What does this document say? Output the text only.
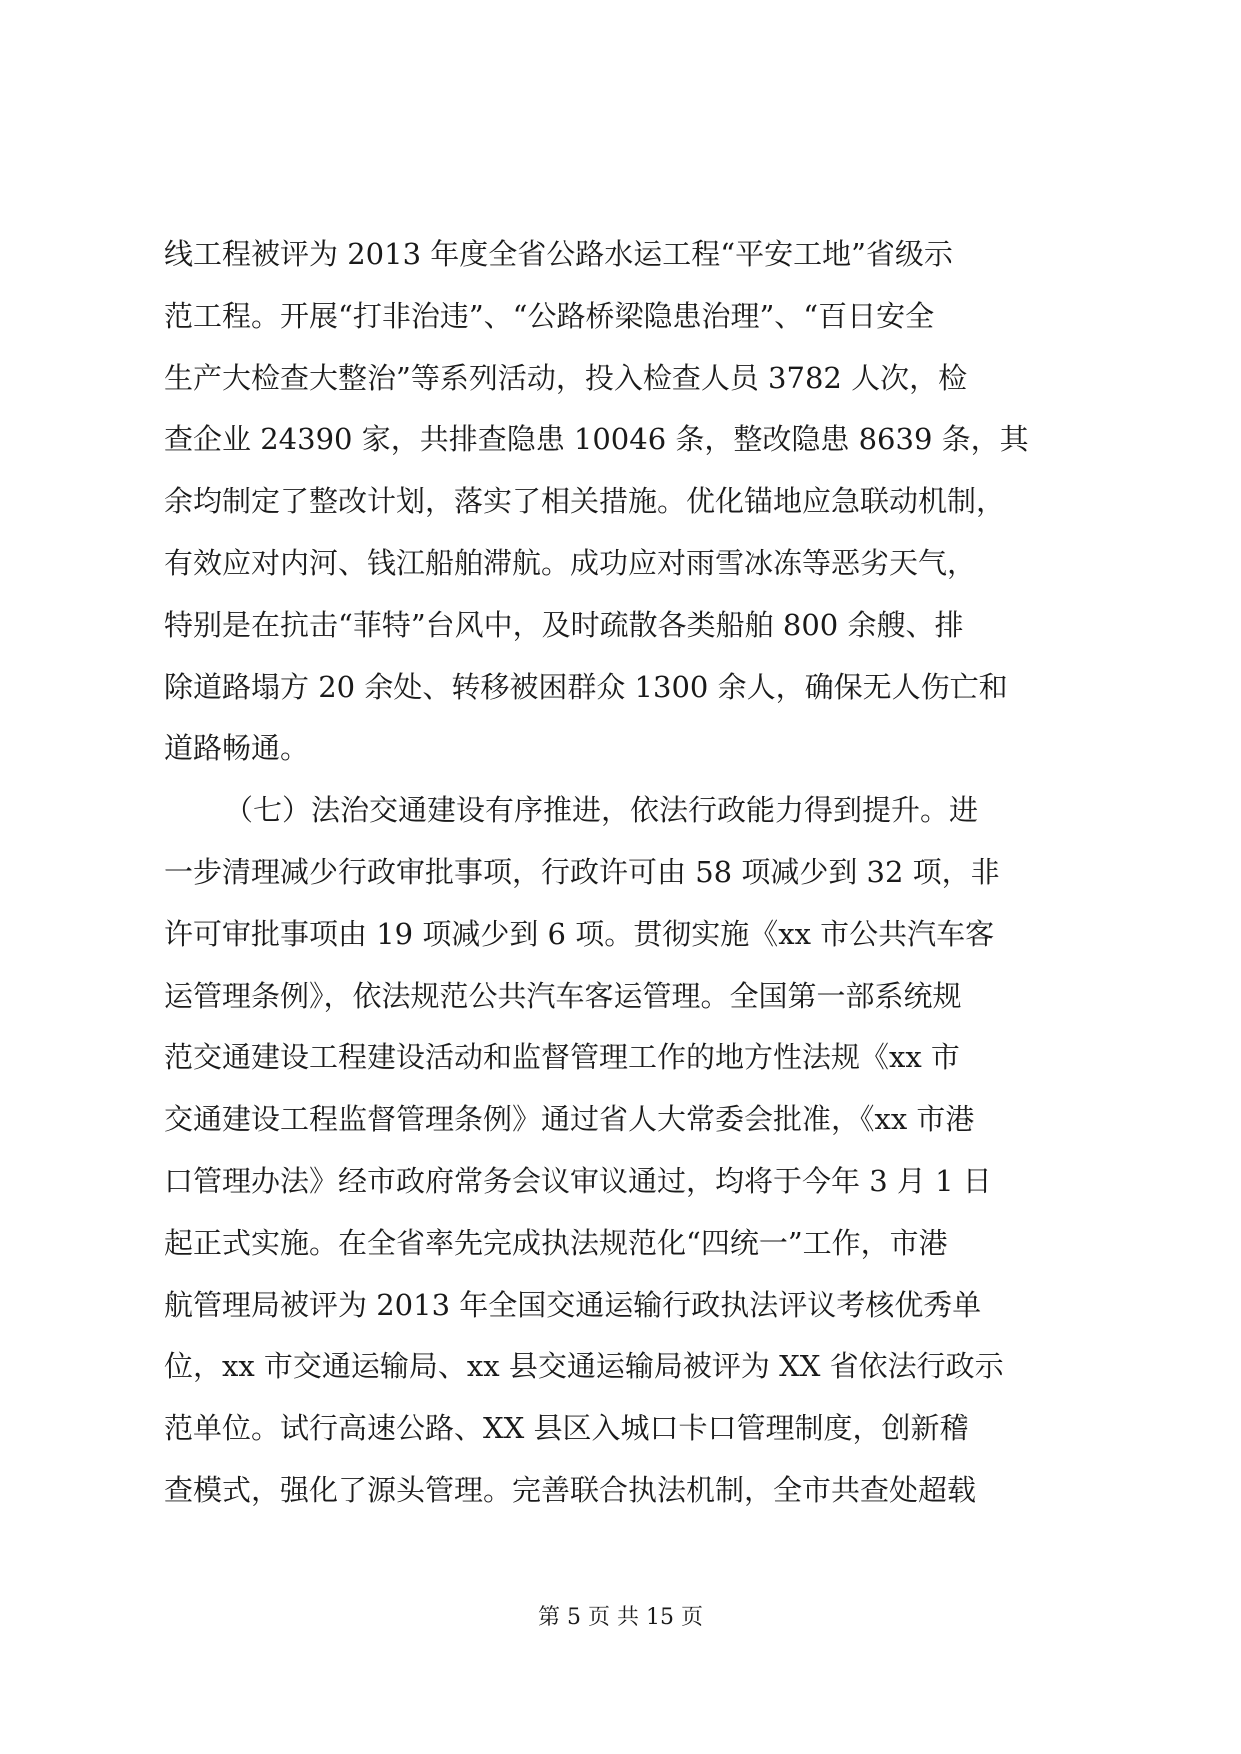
线工程被评为 2013 年度全省公路水运工程“平安工地”省级示
范工程。开展“打非治违”、“公路桥梁隐患治理”、“百日安全
生产大检查大整治”等系列活动，投入检查人员 3782 人次，检
查企业 24390 家，共排查隐患 10046 条，整改隐患 8639 条，其
余均制定了整改计划，落实了相关措施。优化锚地应急联动机制，
有效应对内河、钱江船舶滞航。成功应对雨雪冰冻等恶劣天气，
特别是在抗击“菲特”台风中，及时疏散各类船舶 800 余艘、排
除道路塌方 20 余处、转移被困群众 1300 余人，确保无人伤亡和
道路畅通。
（七）法治交通建设有序推进，依法行政能力得到提升。进
一步清理减少行政审批事项，行政许可由 58 项减少到 32 项，非
许可审批事项由 19 项减少到 6 项。贯彻实施《xx 市公共汽车客
运管理条例》，依法规范公共汽车客运管理。全国第一部系统规
范交通建设工程建设活动和监督管理工作的地方性法规《xx 市
交通建设工程监督管理条例》通过省人大常委会批准，《xx 市港
口管理办法》经市政府常务会议审议通过，均将于今年 3 月 1 日
起正式实施。在全省率先完成执法规范化“四统一”工作，市港
航管理局被评为 2013 年全国交通运输行政执法评议考核优秀单
位，xx 市交通运输局、xx 县交通运输局被评为 XX 省依法行政示
范单位。试行高速公路、XX 县区入城口卡口管理制度，创新稽
查模式，强化了源头管理。完善联合执法机制，全市共查处超载
第 5 页 共 15 页
